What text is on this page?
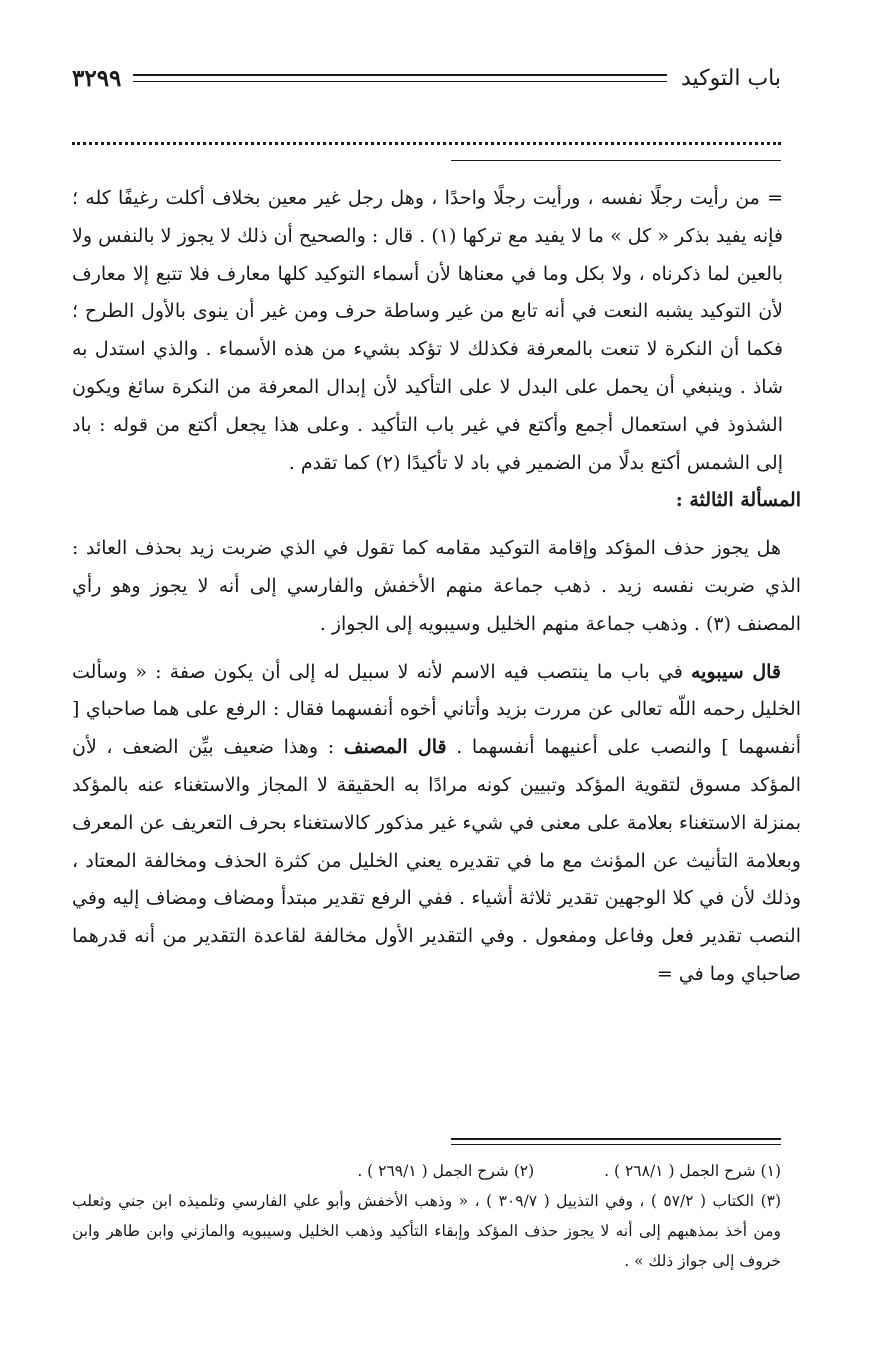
باب التوكيد
٣٢٩٩

= من رأيت رجلًا نفسه ، ورأيت رجلًا واحدًا ، وهل رجل غير معين بخلاف أكلت رغيفًا كله ؛ فإنه يفيد بذكر « كل » ما لا يفيد مع تركها (١) . قال : والصحيح أن ذلك لا يجوز لا بالنفس ولا بالعين لما ذكرناه ، ولا بكل وما في معناها لأن أسماء التوكيد كلها معارف فلا تتبع إلا معارف لأن التوكيد يشبه النعت في أنه تابع من غير وساطة حرف ومن غير أن ينوى بالأول الطرح ؛ فكما أن النكرة لا تنعت بالمعرفة فكذلك لا تؤكد بشيء من هذه الأسماء . والذي استدل به شاذ . وينبغي أن يحمل على البدل لا على التأكيد لأن إبدال المعرفة من النكرة سائغ ويكون الشذوذ في استعمال أجمع وأكتع في غير باب التأكيد . وعلى هذا يجعل أكتع من قوله : باد إلى الشمس أكتع بدلًا من الضمير في باد لا تأكيدًا (٢) كما تقدم .

المسألة الثالثة :

هل يجوز حذف المؤكد وإقامة التوكيد مقامه كما تقول في الذي ضربت زيد بحذف العائد : الذي ضربت نفسه زيد . ذهب جماعة منهم الأخفش والفارسي إلى أنه لا يجوز وهو رأي المصنف (٣) . وذهب جماعة منهم الخليل وسيبويه إلى الجواز .

قال سيبويه في باب ما ينتصب فيه الاسم لأنه لا سبيل له إلى أن يكون صفة : « وسألت الخليل رحمه اللّه تعالى عن مررت بزيد وأتاني أخوه أنفسهما فقال : الرفع على هما صاحباي [ أنفسهما ] والنصب على أعنيهما أنفسهما . قال المصنف : وهذا ضعيف بيِّن الضعف ، لأن المؤكد مسوق لتقوية المؤكد وتبيين كونه مرادًا به الحقيقة لا المجاز والاستغناء عنه بالمؤكد بمنزلة الاستغناء بعلامة على معنى في شيء غير مذكور كالاستغناء بحرف التعريف عن المعرف وبعلامة التأنيث عن المؤنث مع ما في تقديره يعني الخليل من كثرة الحذف ومخالفة المعتاد ، وذلك لأن في كلا الوجهين تقدير ثلاثة أشياء . ففي الرفع تقدير مبتدأ ومضاف ومضاف إليه وفي النصب تقدير فعل وفاعل ومفعول . وفي التقدير الأول مخالفة لقاعدة التقدير من أنه قدرهما صاحباي وما في =

(١) شرح الجمل ( ٢٦٨/١ ) .
(٢) شرح الجمل ( ٢٦٩/١ ) .

(٣) الكتاب ( ٥٧/٢ ) ، وفي التذييل ( ٣٠٩/٧ ) ، « وذهب الأخفش وأبو علي الفارسي وتلميذه ابن جني وثعلب ومن أخذ بمذهبهم إلى أنه لا يجوز حذف المؤكد وإبقاء التأكيد وذهب الخليل وسيبويه والمازني وابن طاهر وابن خروف إلى جواز ذلك » .
